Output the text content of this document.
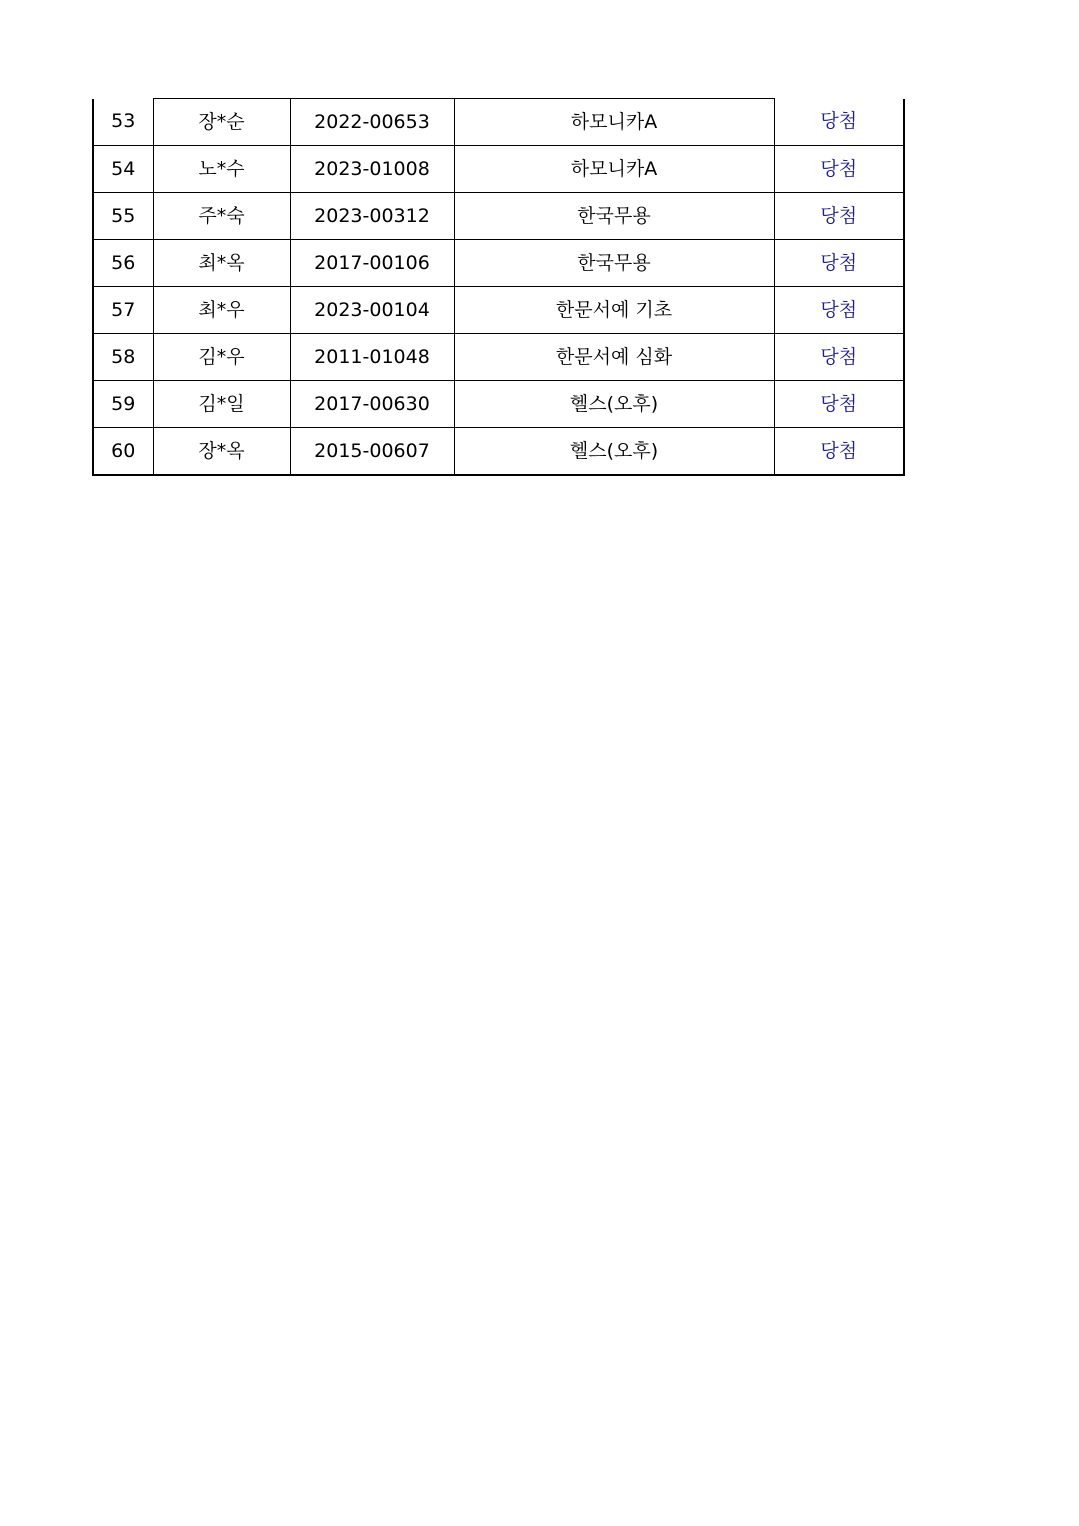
53	장*순	2022-00653	하모니카A	당첨
54	노*수	2023-01008	하모니카A	당첨
55	주*숙	2023-00312	한국무용	당첨
56	최*옥	2017-00106	한국무용	당첨
57	최*우	2023-00104	한문서예 기초	당첨
58	김*우	2011-01048	한문서예 심화	당첨
59	김*일	2017-00630	헬스(오후)	당첨
60	장*옥	2015-00607	헬스(오후)	당첨
